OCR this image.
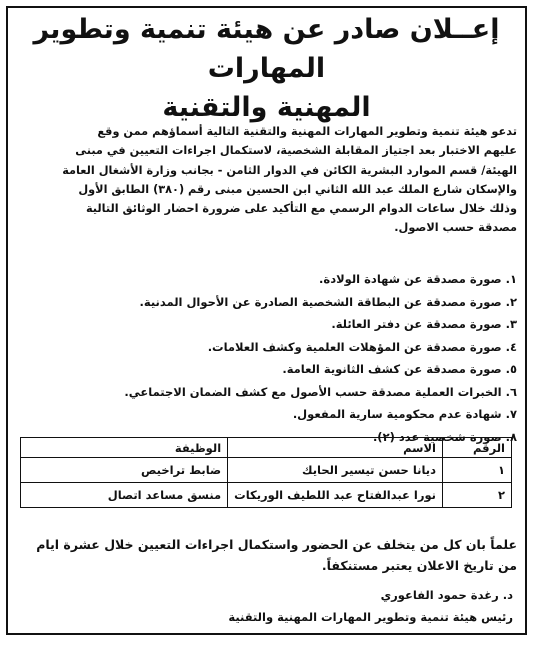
إعــلان صادر عن هيئة تنمية وتطوير المهارات
المهنية والتقنية
تدعو هيئة تنمية وتطوير المهارات المهنية والتقنية التالية أسماؤهم ممن وقع
عليهم الاختبار بعد اجتياز المقابلة الشخصية، لاستكمال اجراءات التعيين في مبنى
الهيئة/ قسم الموارد البشرية الكائن في الدوار الثامن - بجانب وزارة الأشغال العامة
والإسكان شارع الملك عبد الله الثاني ابن الحسين مبنى رقم (٣٨٠) الطابق الأول
وذلك خلال ساعات الدوام الرسمي مع التأكيد على ضرورة احضار الوثائق التالية
مصدقة حسب الاصول.
١. صورة مصدقة عن شهادة الولادة.
٢. صورة مصدقة عن البطاقة الشخصية الصادرة عن الأحوال المدنية.
٣. صورة مصدقة عن دفتر العائلة.
٤. صورة مصدقة عن المؤهلات العلمية وكشف العلامات.
٥. صورة مصدقة عن كشف الثانوية العامة.
٦. الخبرات العملية مصدقة حسب الأصول مع كشف الضمان الاجتماعي.
٧. شهادة عدم محكومية سارية المفعول.
٨. صورة شخصية عدد (٢).
الرقم	الاسم	الوظيفة
١	ديانا حسن تيسير الحايك	ضابط تراخيص
٢	نورا عبدالفتاح عبد اللطيف الوريكات	منسق مساعد اتصال
علماً بان كل من يتخلف عن الحضور واستكمال اجراءات التعيين خلال عشرة ايام
من تاريخ الاعلان يعتبر مستنكفاً.
د. رغدة حمود الفاعوري
رئيس هيئة تنمية وتطوير المهارات المهنية والتقنية
